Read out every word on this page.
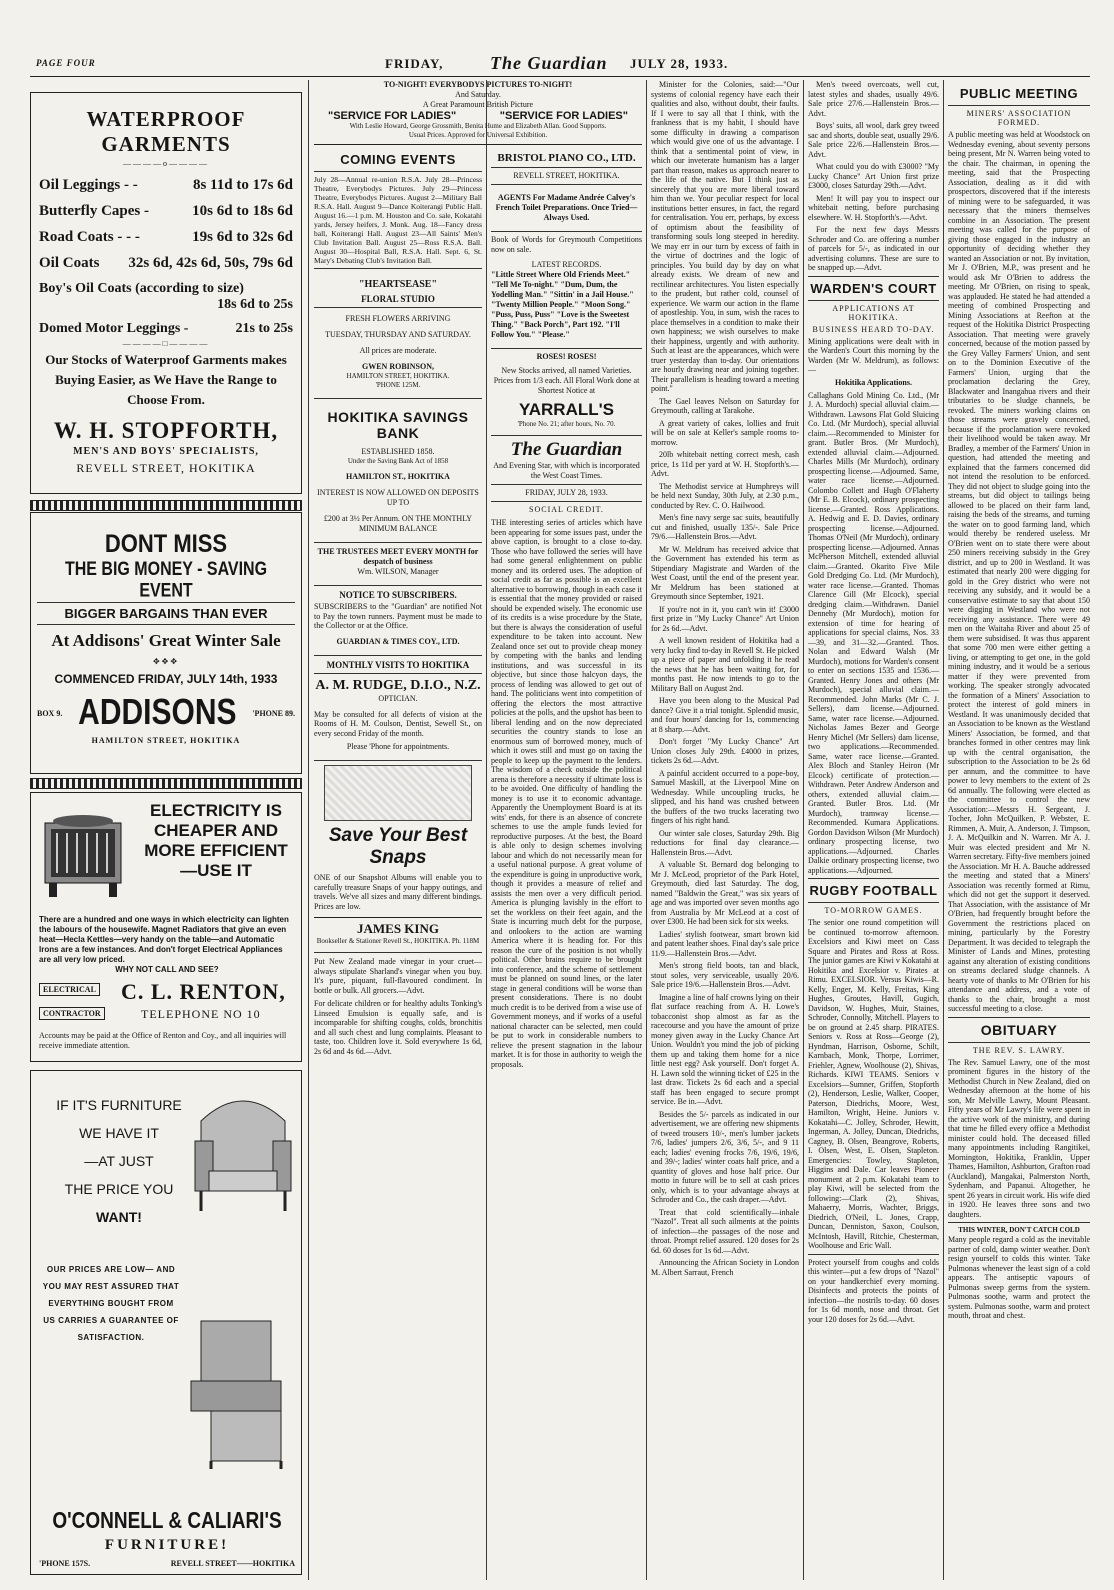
PAGE FOUR	FRIDAY,	The Guardian JULY 28, 1933.
WATERPROOF GARMENTS
————o————
Oil Leggings - -	8s 11d to 17s 6d
Butterfly Capes -	10s 6d to 18s 6d
Road Coats - - -	19s 6d to 32s 6d
Oil Coats 32s 6d, 42s 6d, 50s, 79s 6d
Boy's Oil Coats (according to size)
18s 6d to 25s
Domed Motor Leggings -	21s to 25s
————□————
Our Stocks of Waterproof Garments makes Buying Easier, as We Have the Range to Choose From.
W. H. STOPFORTH,
MEN'S AND BOYS' SPECIALISTS,
REVELL STREET, HOKITIKA
DONT MISS
THE BIG MONEY - SAVING EVENT
BIGGER BARGAINS THAN EVER
At Addisons' Great Winter Sale
✥✥✥
COMMENCED FRIDAY, JULY 14th, 1933
BOX 9. ADDISONS 'PHONE 89.
HAMILTON STREET, HOKITIKA
ELECTRICITY IS CHEAPER AND MORE EFFICIENT —USE IT
There are a hundred and one ways in which electricity can lighten the labours of the housewife. Magnet Radiators that give an even heat—Hecla Kettles—very handy on the table—and Automatic Irons are a few instances. And don't forget Electrical Appliances are all very low priced.
WHY NOT CALL AND SEE?
ELECTRICAL
CONTRACTOR
C. L. RENTON,
TELEPHONE NO 10
Accounts may be paid at the Office of Renton and Coy., and all inquiries will receive immediate attention.
IF IT'S FURNITURE
WE HAVE IT
—AT JUST
THE PRICE YOU
WANT!
OUR PRICES ARE LOW— AND YOU MAY REST ASSURED THAT EVERYTHING BOUGHT FROM US CARRIES A GUARANTEE OF SATISFACTION.
O'CONNELL & CALIARI'S
FURNITURE!
'PHONE 157S.	REVELL STREET——HOKITIKA
TO-NIGHT! EVERYBODYS PICTURES TO-NIGHT!
And Saturday.
A Great Paramount British Picture
"SERVICE FOR LADIES"	"SERVICE FOR LADIES"
With Leslie Howard, George Grossmith, Benita Hume and Elizabeth Allan. Good Supports.
Usual Prices. Approved for Universal Exhibition.
COMING EVENTS
July 28—Annual re-union R.S.A. July 28—Princess Theatre, Everybodys Pictures. July 29—Princess Theatre, Everybodys Pictures. August 2—Military Ball R.S.A. Hall. August 9—Dance Koiterangi Public Hall. August 16.—1 p.m. M. Houston and Co. sale, Kokatahi yards, Jersey heifers, J. Monk. Aug. 18—Fancy dress ball, Koiterangi Hall. August 23—All Saints' Men's Club Invitation Ball. August 25—Ross R.S.A. Ball. August 30—Hospital Ball, R.S.A. Hall. Sept. 6, St. Mary's Debating Club's Invitation Ball.
"HEARTSEASE"
FLORAL STUDIO
FRESH FLOWERS ARRIVING
TUESDAY, THURSDAY AND SATURDAY.
All prices are moderate.
GWEN ROBINSON,
HAMILTON STREET, HOKITIKA.
'PHONE 125M.
HOKITIKA SAVINGS BANK
ESTABLISHED 1858.
Under the Saving Bank Act of 1858
HAMILTON ST., HOKITIKA
INTEREST IS NOW ALLOWED ON DEPOSITS UP TO
£200 at 3½ Per Annum. ON THE MONTHLY MINIMUM BALANCE
THE TRUSTEES MEET EVERY MONTH for despatch of business
Wm. WILSON, Manager
NOTICE TO SUBSCRIBERS.
SUBSCRIBERS to the "Guardian" are notified Not to Pay the town runners. Payment must be made to the Collector or at the Office.
GUARDIAN & TIMES COY., LTD.
MONTHLY VISITS TO HOKITIKA
A. M. RUDGE, D.I.O., N.Z.
OPTICIAN.
May be consulted for all defects of vision at the Rooms of H. M. Coulson, Dentist, Sewell St., on every second Friday of the month.
Please 'Phone for appointments.
Save Your Best Snaps
ONE of our Snapshot Albums will enable you to carefully treasure Snaps of your happy outings, and travels. We've all sizes and many different bindings. Prices are low.
JAMES KING
Bookseller & Stationer Revell St., HOKITIKA. Ph. 118M
Put New Zealand made vinegar in your cruet—always stipulate Sharland's vinegar when you buy. It's pure, piquant, full-flavoured condiment. In bottle or bulk. All grocers.—Advt.
For delicate children or for healthy adults Tonking's Linseed Emulsion is equally safe, and is incomparable for shifting coughs, colds, bronchitis and all such chest and lung complaints. Pleasant to taste, too. Children love it. Sold everywhere 1s 6d, 2s 6d and 4s 6d.—Advt.
BRISTOL PIANO CO., LTD.
REVELL STREET, HOKITIKA.
AGENTS For Madame Andrée Calvey's French Toilet Preparations. Once Tried—Always Used.
Book of Words for Greymouth Competitions now on sale.
LATEST RECORDS.
"Little Street Where Old Friends Meet." "Tell Me To-night." "Dum, Dum, the Yodelling Man." "Sittin' in a Jail House." "Twenty Million People." "Moon Song." "Puss, Puss, Puss" "Love is the Sweetest Thing." "Back Porch", Part 192. "I'll Follow You." "Please."
ROSES! ROSES!
New Stocks arrived, all named Varieties. Prices from 1/3 each. All Floral Work done at Shortest Notice at
YARRALL'S
'Phone No. 21; after hours, No. 70.
The Guardian
And Evening Star, with which is incorporated the West Coast Times.
FRIDAY, JULY 28, 1933.
SOCIAL CREDIT.
THE interesting series of articles which have been appearing for some issues past, under the above caption, is brought to a close to-day. Those who have followed the series will have had some general enlightenment on public money and its ordered uses. The adoption of social credit as far as possible is an excellent alternative to borrowing, though in each case it is essential that the money provided or raised should be expended wisely. The economic use of its credits is a wise procedure by the State, but there is always the consideration of useful expenditure to be taken into account. New Zealand once set out to provide cheap money by competing with the banks and lending institutions, and was successful in its objective, but since those halcyon days, the process of lending was allowed to get out of hand. The politicians went into competition of offering the electors the most attractive policies at the polls, and the upshot has been to liberal lending and on the now depreciated securities the country stands to lose an enormous sum of borrowed money, much of which it owes still and must go on taxing the people to keep up the payment to the lenders. The wisdom of a check outside the political arena is therefore a necessity if ultimate loss is to be avoided. One difficulty of handling the money is to use it to economic advantage. Apparently the Unemployment Board is at its wits' ends, for there is an absence of concrete schemes to use the ample funds levied for reproductive purposes. At the best, the Board is able only to design schemes involving labour and which do not necessarily mean for a useful national purpose. A great volume of the expenditure is going in unproductive work, though it provides a measure of relief and assists the men over a very difficult period. America is plunging lavishly in the effort to set the workless on their feet again, and the State is incurring much debt for the purpose, and onlookers to the action are warning America where it is heading for. For this reason the cure of the position is not wholly political. Other brains require to be brought into conference, and the scheme of settlement must be planned on sound lines, or the later stage in general conditions will be worse than present considerations. There is no doubt much credit is to be derived from a wise use of Government moneys, and if works of a useful national character can be selected, men could be put to work in considerable numbers to relieve the present stagnation in the labour market. It is for those in authority to weigh the proposals.

Minister for the Colonies, said:—"Our systems of colonial regency have each their qualities and also, without doubt, their faults. If I were to say all that I think, with the frankness that is my habit, I should have some difficulty in drawing a comparison which would give one of us the advantage. I think that a sentimental point of view, in which our inveterate humanism has a larger part than reason, makes us approach nearer to the life of the native. But I think just as sincerely that you are more liberal toward him than we. Your peculiar respect for local institutions better ensures, in fact, the regard for centralisation. You err, perhaps, by excess of optimism about the feasibility of transforming souls long steeped in heredity. We may err in our turn by excess of faith in the virtue of doctrines and the logic of principles. You build day by day on what already exists. We dream of new and rectilinear architectures. You listen especially to the prudent, but rather cold, counsel of experience. We warm our action in the flame of apostleship. You, in sum, wish the races to place themselves in a condition to make their own happiness; we wish ourselves to make their happiness, urgently and with authority. Such at least are the appearances, which were truer yesterday than to-day. Our orientations are hourly drawing near and joining together. Their parallelism is heading toward a meeting point."

The Gael leaves Nelson on Saturday for Greymouth, calling at Tarakohe.

A great variety of cakes, lollies and fruit will be on sale at Keller's sample rooms to-morrow.

20lb whitebait netting correct mesh, cash price, 1s 11d per yard at W. H. Stopforth's.—Advt.

The Methodist service at Humphreys will be held next Sunday, 30th July, at 2.30 p.m., conducted by Rev. C. O. Hailwood.

Men's fine navy serge sac suits, beautifully cut and finished, usually 135/-. Sale Price 79/6.—Hallenstein Bros.—Advt.

Mr W. Meldrum has received advice that the Government has extended his term as Stipendiary Magistrate and Warden of the West Coast, until the end of the present year. Mr Meldrum has been stationed at Greymouth since September, 1921.

If you're not in it, you can't win it! £3000 first prize in "My Lucky Chance" Art Union for 2s 6d.—Advt.

A well known resident of Hokitika had a very lucky find to-day in Revell St. He picked up a piece of paper and unfolding it he read the news that he has been waiting for, for months past. He now intends to go to the Military Ball on August 2nd.

Have you been along to the Musical Pad dance? Give it a trial tonight. Splendid music, and four hours' dancing for 1s, commencing at 8 sharp.—Advt.

Don't forget "My Lucky Chance" Art Union closes July 29th. £4000 in prizes, tickets 2s 6d.—Advt.

A painful accident occurred to a pope-boy, Samuel Maskill, at the Liverpool Mine on Wednesday. While uncoupling trucks, he slipped, and his hand was crushed between the buffers of the two trucks lacerating two fingers of his right hand.

Our winter sale closes, Saturday 29th. Big reductions for final day clearance.—Hallenstein Bros.—Advt.

A valuable St. Bernard dog belonging to Mr J. McLeod, proprietor of the Park Hotel, Greymouth, died last Saturday. The dog, named "Baldwin the Great," was six years of age and was imported over seven months ago from Australia by Mr McLeod at a cost of over £300. He had been sick for six weeks.

Ladies' stylish footwear, smart brown kid and patent leather shoes. Final day's sale price 11/9.—Hallenstein Bros.—Advt.

Men's strong field boots, tan and black, stout soles, very serviceable, usually 20/6. Sale price 19/6.—Hallenstein Bros.—Advt.

Imagine a line of half crowns lying on their flat surface reaching from A. H. Lowe's tobacconist shop almost as far as the racecourse and you have the amount of prize money given away in the Lucky Chance Art Union. Wouldn't you mind the job of picking them up and taking them home for a nice little nest egg? Ask yourself. Don't forget A. H. Lawn sold the winning ticket of £25 in the last draw. Tickets 2s 6d each and a special staff has been engaged to secure prompt service. Be in.—Advt.

Besides the 5/- parcels as indicated in our advertisement, we are offering new shipments of tweed trousers 10/-, men's lumber jackets 7/6, ladies' jumpers 2/6, 3/6, 5/-, and 9 11 each; ladies' evening frocks 7/6, 19/6, 19/6, and 39/-; ladies' winter coats half price, and a quantity of gloves and hose half price. Our motto in future will be to sell at cash prices only, which is to your advantage always at Schroder and Co., the cash draper.—Advt.

Treat that cold scientifically—inhale "Nazol". Treat all such ailments at the points of infection—the passages of the nose and throat. Prompt relief assured. 120 doses for 2s 6d. 60 doses for 1s 6d.—Advt.

Announcing the African Society in London M. Albert Sarraut, French

Men's tweed overcoats, well cut, latest styles and shades, usually 49/6. Sale price 27/6.—Hallenstein Bros.—Advt.

Boys' suits, all wool, dark grey tweed sac and shorts, double seat, usually 29/6. Sale price 22/6.—Hallenstein Bros.—Advt.

What could you do with £3000? "My Lucky Chance" Art Union first prize £3000, closes Saturday 29th.—Advt.

Men! It will pay you to inspect our whitebait netting, before purchasing elsewhere. W. H. Stopforth's.—Advt.

For the next few days Messrs Schroder and Co. are offering a number of parcels for 5/-, as indicated in our advertising columns. These are sure to be snapped up.—Advt.

WARDEN'S COURT
APPLICATIONS AT HOKITIKA.
BUSINESS HEARD TO-DAY.
Mining applications were dealt with in the Warden's Court this morning by the Warden (Mr W. Meldrum), as follows:—
Hokitika Applications.
Callaghans Gold Mining Co. Ltd., (Mr J. A. Murdoch) special alluvial claim.—Withdrawn. Lawsons Flat Gold Sluicing Co. Ltd. (Mr Murdoch), special alluvial claim.—Recommended to Minister for grant. Butler Bros. (Mr Murdoch), extended alluvial claim.—Adjourned. Charles Mills (Mr Murdoch), ordinary prospecting license.—Adjourned. Same, water race license.—Adjourned. Colombo Collett and Hugh O'Flaherty (Mr E. B. Elcock), ordinary prospecting license.—Granted. Ross Applications. A. Hedwig and E. D. Davies, ordinary prospecting license.—Adjourned. Thomas O'Neil (Mr Murdoch), ordinary prospecting license.—Adjourned. Annas McPherson Mitchell, extended alluvial claim.—Granted. Okarito Five Mile Gold Dredging Co. Ltd. (Mr Murdoch), water race license.—Granted. Thomas Clarence Gill (Mr Elcock), special dredging claim.—Withdrawn. Daniel Dennehy (Mr Murdoch), motion for extension of time for hearing of applications for special claims, Nos. 33—39, and 31—32.—Granted. Thos. Nolan and Edward Walsh (Mr Murdoch), motions for Warden's consent to enter on sections 1535 and 1536.—Granted. Henry Jones and others (Mr Murdoch), special alluvial claim.—Recommended. John Marks (Mr C. J. Sellers), dam license.—Adjourned. Same, water race license.—Adjourned. Nicholas James Bezer and George Henry Michel (Mr Sellers) dam license, two applications.—Recommended. Same, water race license.—Granted. Alex Bloch and Stanley Heiron (Mr Elcock) certificate of protection.—Withdrawn. Peter Andrew Anderson and others, extended alluvial claim.—Granted. Butler Bros. Ltd. (Mr Murdoch), tramway license.—Recommended. Kumara Applications. Gordon Davidson Wilson (Mr Murdoch) ordinary prospecting license, two applications.—Adjourned. Charles Dalkie ordinary prospecting license, two applications.—Adjourned.
RUGBY FOOTBALL
TO-MORROW GAMES.
The senior one round competition will be continued to-morrow afternoon. Excelsiors and Kiwi meet on Cass Square and Pirates and Ross at Ross. The junior games are Kiwi v Kokatahi at Hokitika and Excelsior v. Pirates at Rimu. EXCELSIOR. Versus Kiwis—R. Kelly, Enger, M. Kelly, Freitas, King Hughes, Groutes, Havill, Gugich, Davidson, W. Hughes, Muir, Staines, Schroder, Connolly, Mitchell. Players to be on ground at 2.45 sharp. PIRATES. Seniors v. Ross at Ross—George (2), Hyndman, Harrison, Osborne, Schilt, Karnbach, Monk, Thorpe, Lorrimer, Friehler, Agnew, Woolhouse (2), Shivas, Richards. KIWI TEAMS. Seniors v Excelsiors—Sumner, Griffen, Stopforth (2), Henderson, Leslie, Walker, Cooper, Paterson, Diedrichs, Moore, West, Hamilton, Wright, Heine. Juniors v. Kokatahi—C. Jolley, Schroder, Hewitt, Ingerman, A. Jolley, Duncan, Diedrichs, Cagney, B. Olsen, Beangrove, Roberts, I. Olsen, West, E. Olsen, Stapleton. Emergencies: Towley, Stapleton, Higgins and Dale. Car leaves Pioneer monument at 2 p.m. Kokatahi team to play Kiwi, will be selected from the following:—Clark (2), Shivas, Mahaerry, Morris, Wachter, Briggs, Diedrich, O'Neil, L. Jones, Crapp, Duncan, Denniston, Saxon, Coulson, McIntosh, Havill, Ritchie, Chesterman, Woolhouse and Eric Wall.
Protect yourself from coughs and colds this winter—put a few drops of "Nazol" on your handkerchief every morning. Disinfects and protects the points of infection—the nostrils to-day. 60 doses for 1s 6d month, nose and throat. Get your 120 doses for 2s 6d.—Advt.
PUBLIC MEETING
MINERS' ASSOCIATION FORMED.
A public meeting was held at Woodstock on Wednesday evening, about seventy persons being present, Mr N. Warren being voted to the chair. The chairman, in opening the meeting, said that the Prospecting Association, dealing as it did with prospectors, discovered that if the interests of mining were to be safeguarded, it was necessary that the miners themselves combine in an Association. The present meeting was called for the purpose of giving those engaged in the industry an opportunity of deciding whether they wanted an Association or not. By invitation, Mr J. O'Brien, M.P., was present and he would ask Mr O'Brien to address the meeting. Mr O'Brien, on rising to speak, was applauded. He stated he had attended a meeting of combined Prospecting and Mining Associations at Reefton at the request of the Hokitika District Prospecting Association. That meeting were gravely concerned, because of the motion passed by the Grey Valley Farmers' Union, and sent on to the Dominion Executive of the Farmers' Union, urging that the proclamation declaring the Grey, Blackwater and Inangahua rivers and their tributaries to be sludge channels, be revoked. The miners working claims on those streams were gravely concerned, because if the proclamation were revoked their livelihood would be taken away. Mr Bradley, a member of the Farmers' Union in question, had attended the meeting and explained that the farmers concerned did not intend the resolution to be enforced. They did not object to sludge going into the streams, but did object to tailings being allowed to be placed on their farm land, raising the beds of the streams, and turning the water on to good farming land, which would thereby be rendered useless. Mr O'Brien went on to state there were about 250 miners receiving subsidy in the Grey district, and up to 200 in Westland. It was estimated that nearly 200 were digging for gold in the Grey district who were not receiving any subsidy, and it would be a conservative estimate to say that about 150 were digging in Westland who were not receiving any assistance. There were 49 men on the Waitaha River and about 25 of them were subsidised. It was thus apparent that some 700 men were either getting a living, or attempting to get one, in the gold mining industry, and it would be a serious matter if they were prevented from working. The speaker strongly advocated the formation of a Miners' Association to protect the interest of gold miners in Westland. It was unanimously decided that an Association to be known as the Westland Miners' Association, be formed, and that branches formed in other centres may link up with the central organisation, the subscription to the Association to be 2s 6d per annum, and the committee to have power to levy members to the extent of 2s 6d annually. The following were elected as the committee to control the new Association:—Messrs H. Sergeant, J. Tocher, John McQuilken, P. Webster, E. Rimmen, A. Muir, A. Anderson, J. Timpson, J. A. McQuilkin and N. Warren. Mr A. J. Muir was elected president and Mr N. Warren secretary. Fifty-five members joined the Association. Mr H. A. Bauche addressed the meeting and stated that a Miners' Association was recently formed at Rimu, which did not get the support it deserved. That Association, with the assistance of Mr O'Brien, had frequently brought before the Government the restrictions placed on mining, particularly by the Forestry Department. It was decided to telegraph the Minister of Lands and Mines, protesting against any alteration of existing conditions on streams declared sludge channels. A hearty vote of thanks to Mr O'Brien for his attendance and address, and a vote of thanks to the chair, brought a most successful meeting to a close.
OBITUARY
THE REV. S. LAWRY.
The Rev. Samuel Lawry, one of the most prominent figures in the history of the Methodist Church in New Zealand, died on Wednesday afternoon at the home of his son, Mr Melville Lawry, Mount Pleasant. Fifty years of Mr Lawry's life were spent in the active work of the ministry, and during that time he filled every office a Methodist minister could hold. The deceased filled many appointments including Rangitikei, Mornington, Hokitika, Franklin, Upper Thames, Hamilton, Ashburton, Grafton road (Auckland), Mangakai, Palmerston North, Sydenham, and Papanui. Altogether, he spent 26 years in circuit work. His wife died in 1920. He leaves three sons and two daughters.
THIS WINTER, DON'T CATCH COLD
Many people regard a cold as the inevitable partner of cold, damp winter weather. Don't resign yourself to colds this winter. Take Pulmonas whenever the least sign of a cold appears. The antiseptic vapours of Pulmonas sweep germs from the system. Pulmonas soothe, warm and protect the system. Pulmonas soothe, warm and protect mouth, throat and chest.
